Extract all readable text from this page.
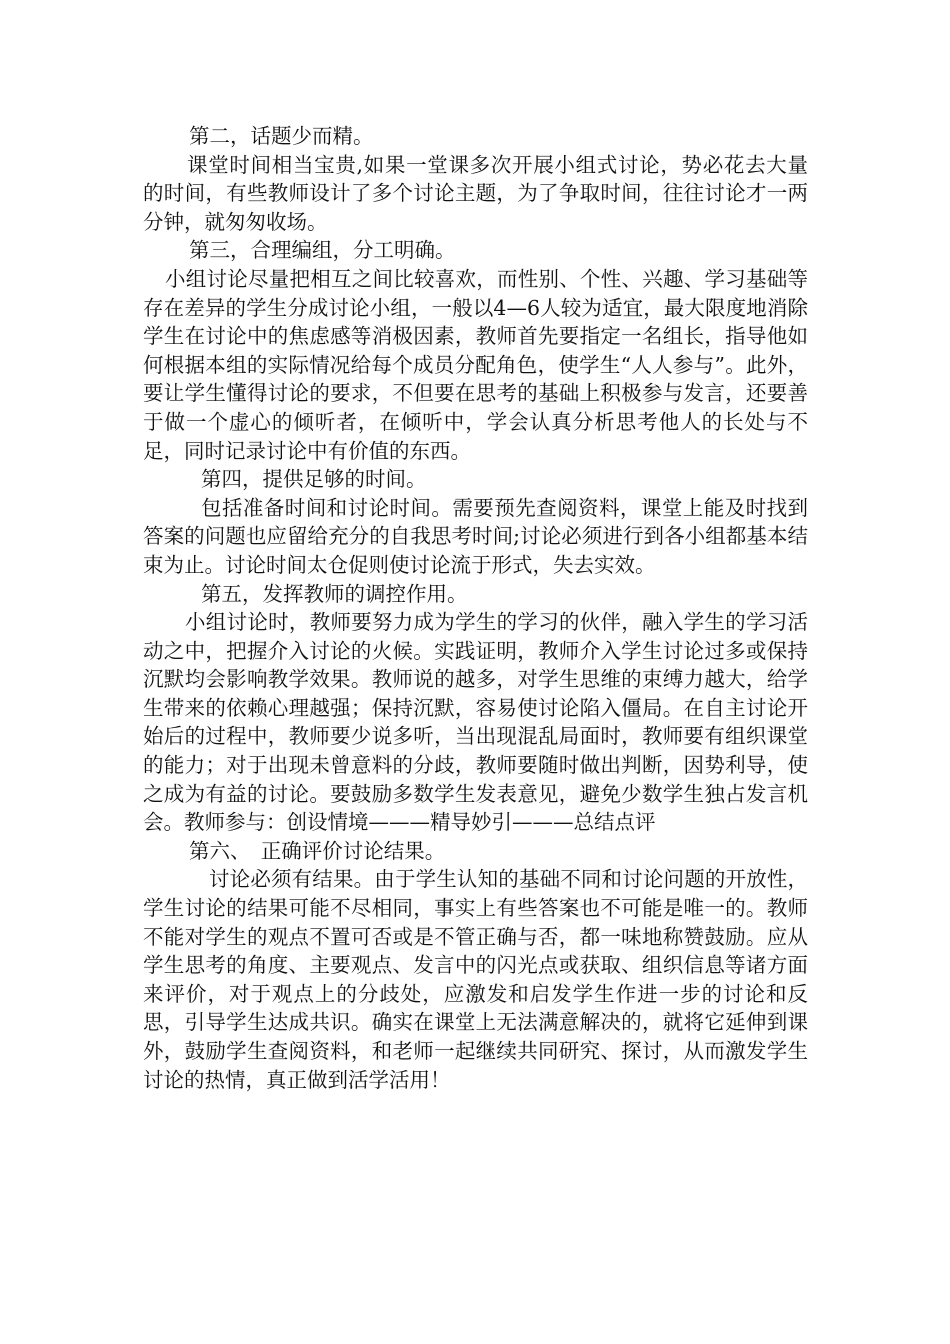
第二，话题少而精。

课堂时间相当宝贵,如果一堂课多次开展小组式讨论，势必花去大量的时间，有些教师设计了多个讨论主题，为了争取时间，往往讨论才一两分钟，就匆匆收场。

第三，合理编组，分工明确。

小组讨论尽量把相互之间比较喜欢，而性别、个性、兴趣、学习基础等存在差异的学生分成讨论小组，一般以4—6人较为适宜，最大限度地消除学生在讨论中的焦虑感等消极因素，教师首先要指定一名组长，指导他如何根据本组的实际情况给每个成员分配角色，使学生“人人参与”。此外，要让学生懂得讨论的要求，不但要在思考的基础上积极参与发言，还要善于做一个虚心的倾听者，在倾听中，学会认真分析思考他人的长处与不足，同时记录讨论中有价值的东西。

第四，提供足够的时间。

包括准备时间和讨论时间。需要预先查阅资料，课堂上能及时找到答案的问题也应留给充分的自我思考时间;讨论必须进行到各小组都基本结束为止。讨论时间太仓促则使讨论流于形式，失去实效。

第五，发挥教师的调控作用。

小组讨论时，教师要努力成为学生的学习的伙伴，融入学生的学习活动之中，把握介入讨论的火候。实践证明，教师介入学生讨论过多或保持沉默均会影响教学效果。教师说的越多，对学生思维的束缚力越大，给学生带来的依赖心理越强；保持沉默，容易使讨论陷入僵局。在自主讨论开始后的过程中，教师要少说多听，当出现混乱局面时，教师要有组织课堂的能力；对于出现未曾意料的分歧，教师要随时做出判断，因势利导，使之成为有益的讨论。要鼓励多数学生发表意见，避免少数学生独占发言机会。教师参与：创设情境———精导妙引———总结点评

第六、　正确评价讨论结果。

讨论必须有结果。由于学生认知的基础不同和讨论问题的开放性，学生讨论的结果可能不尽相同，事实上有些答案也不可能是唯一的。教师不能对学生的观点不置可否或是不管正确与否，都一味地称赞鼓励。应从学生思考的角度、主要观点、发言中的闪光点或获取、组织信息等诸方面来评价，对于观点上的分歧处，应激发和启发学生作进一步的讨论和反思，引导学生达成共识。确实在课堂上无法满意解决的，就将它延伸到课外，鼓励学生查阅资料，和老师一起继续共同研究、探讨，从而激发学生讨论的热情，真正做到活学活用！
